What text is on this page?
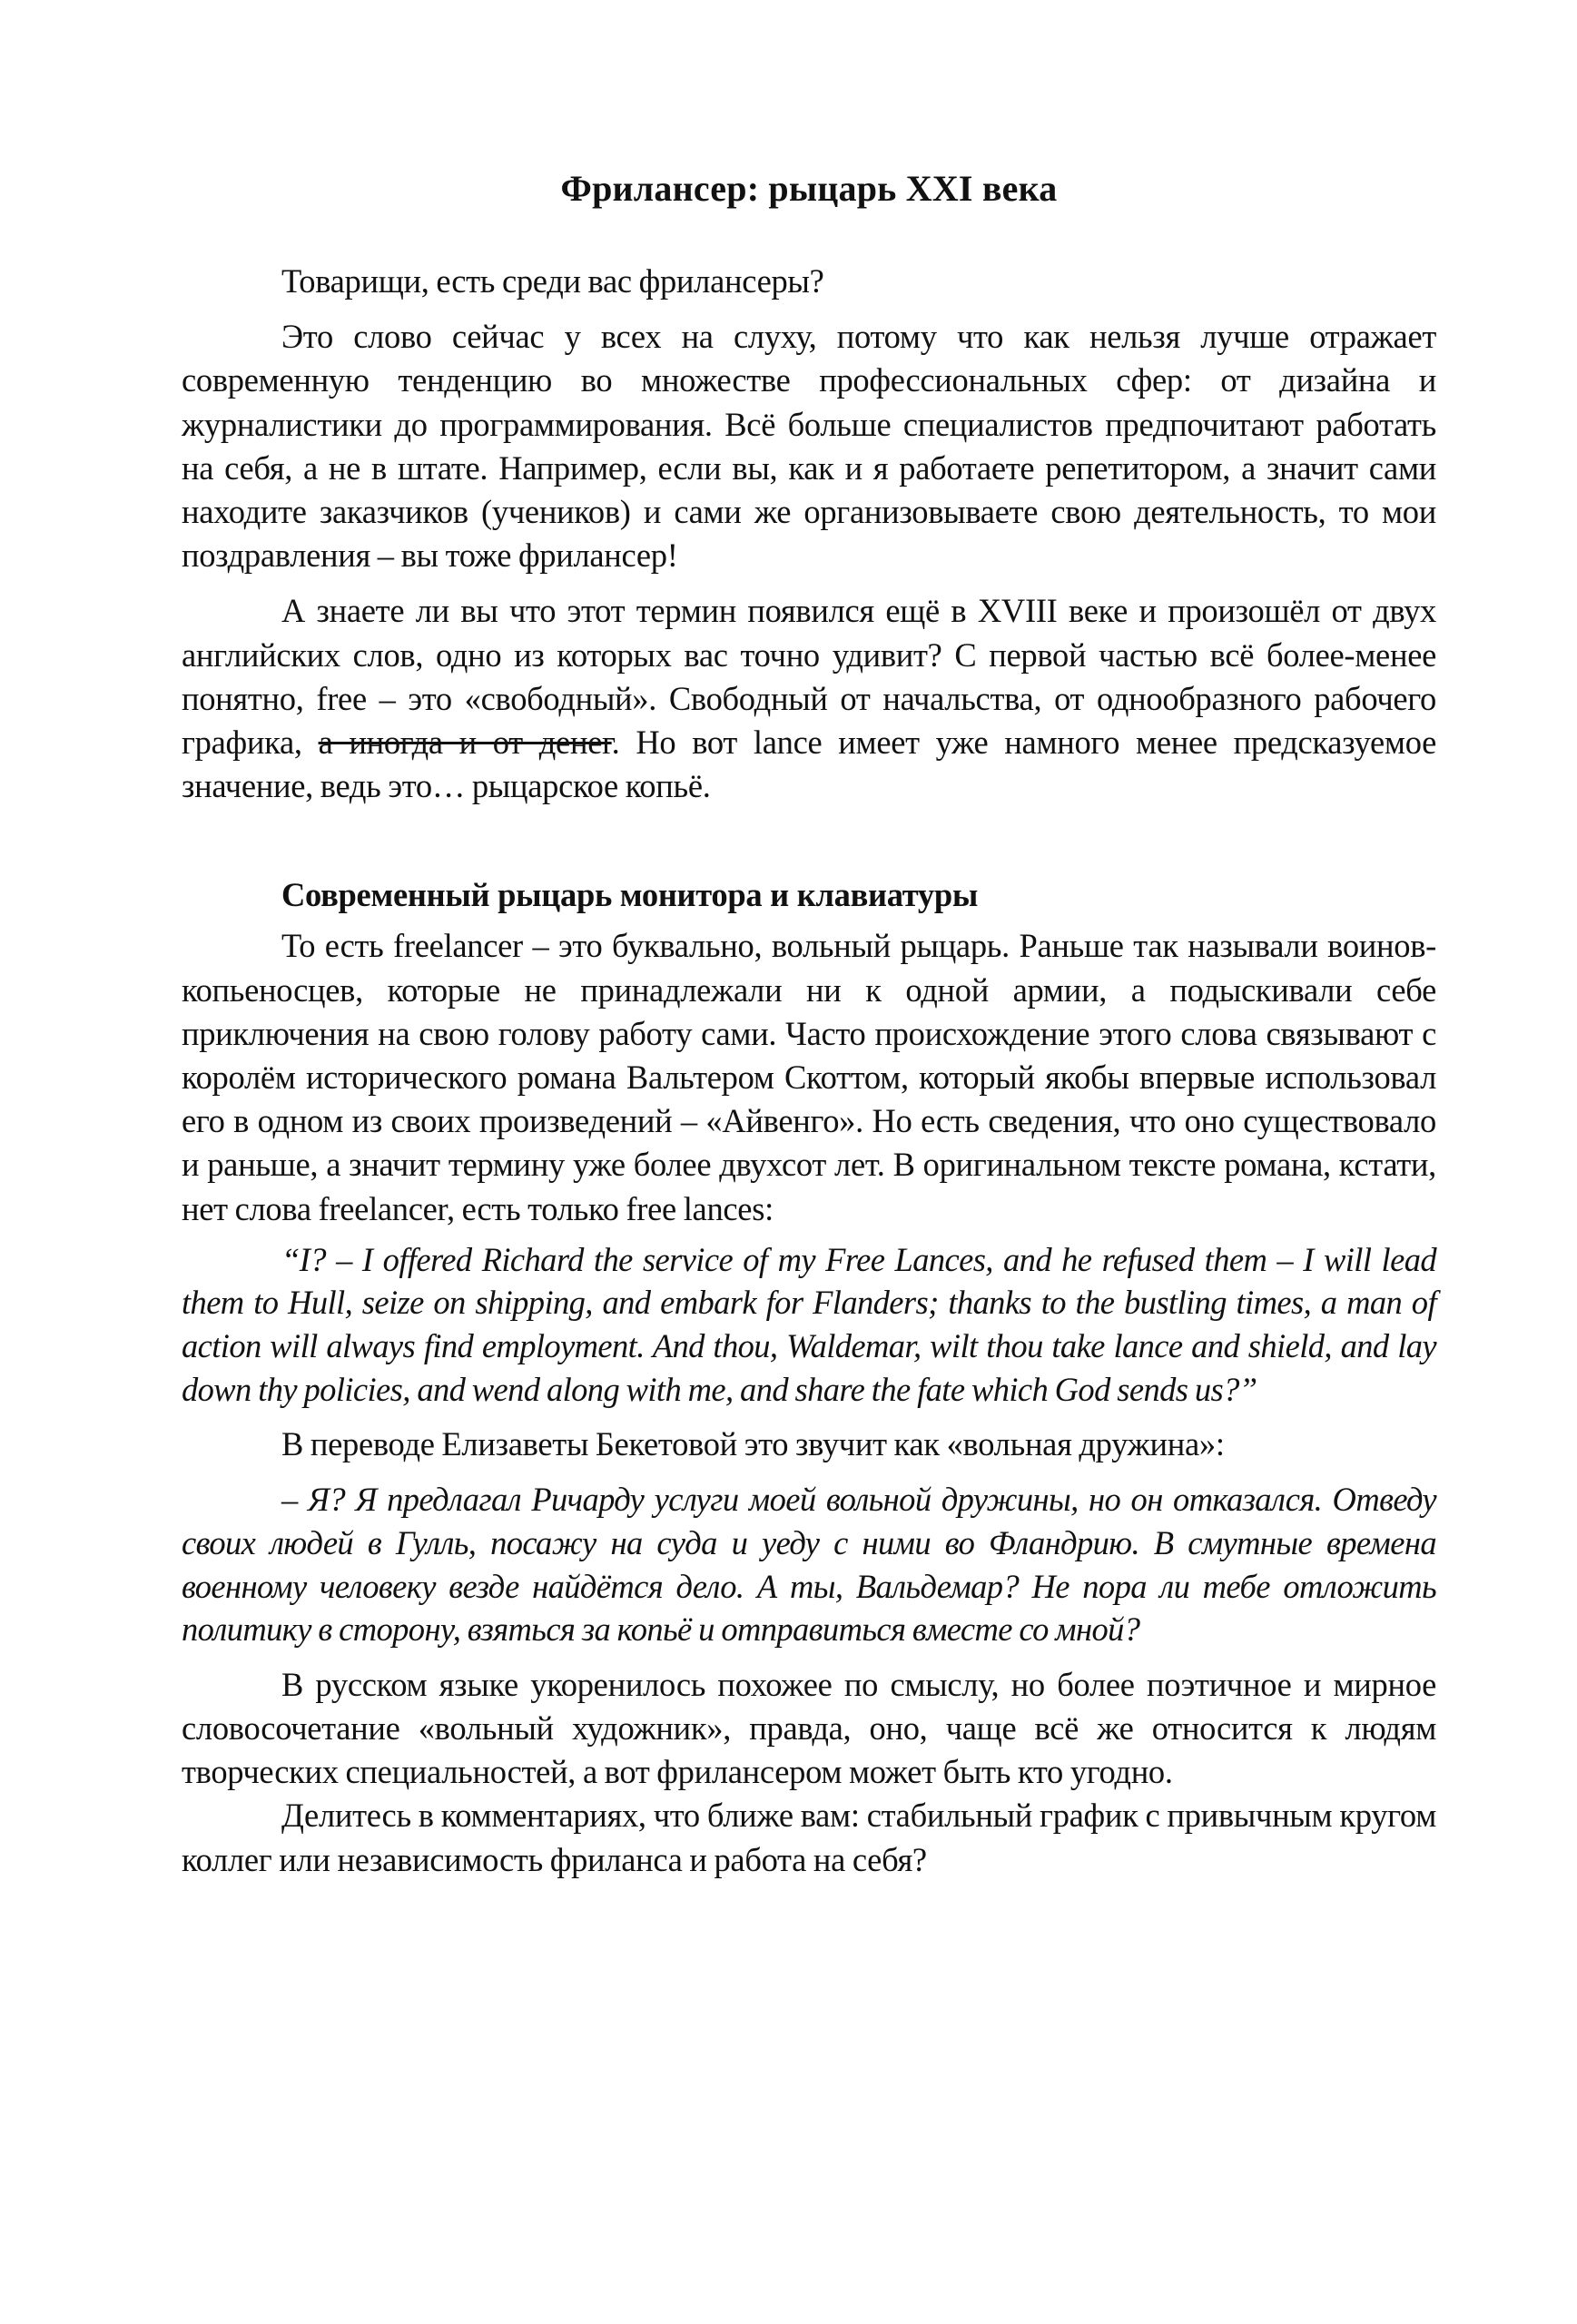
Фрилансер: рыцарь XXI века

Товарищи, есть среди вас фрилансеры?

Это слово сейчас у всех на слуху, потому что как нельзя лучше отражает современную тенденцию во множестве профессиональных сфер: от дизайна и журналистики до программирования. Всё больше специалистов предпочитают работать на себя, а не в штате. Например, если вы, как и я работаете репетитором, а значит сами находите заказчиков (учеников) и сами же организовываете свою деятельность, то мои поздравления – вы тоже фрилансер!

А знаете ли вы что этот термин появился ещё в XVIII веке и произошёл от двух английских слов, одно из которых вас точно удивит? С первой частью всё более-менее понятно, free – это «свободный». Свободный от начальства, от однообразного рабочего графика, а иногда и от денег. Но вот lance имеет уже намного менее предсказуемое значение, ведь это… рыцарское копьё.

Современный рыцарь монитора и клавиатуры

То есть freelancer – это буквально, вольный рыцарь. Раньше так называли воинов-копьеносцев, которые не принадлежали ни к одной армии, а подыскивали себе приключения на свою голову работу сами. Часто происхождение этого слова связывают с королём исторического романа Вальтером Скоттом, который якобы впервые использовал его в одном из своих произведений – «Айвенго». Но есть сведения, что оно существовало и раньше, а значит термину уже более двухсот лет. В оригинальном тексте романа, кстати, нет слова freelancer, есть только free lances:

“I? – I offered Richard the service of my Free Lances, and he refused them – I will lead them to Hull, seize on shipping, and embark for Flanders; thanks to the bustling times, a man of action will always find employment. And thou, Waldemar, wilt thou take lance and shield, and lay down thy policies, and wend along with me, and share the fate which God sends us?”

В переводе Елизаветы Бекетовой это звучит как «вольная дружина»:

– Я? Я предлагал Ричарду услуги моей вольной дружины, но он отказался. Отведу своих людей в Гулль, посажу на суда и уеду с ними во Фландрию. В смутные времена военному человеку везде найдётся дело. А ты, Вальдемар? Не пора ли тебе отложить политику в сторону, взяться за копьё и отправиться вместе со мной?

В русском языке укоренилось похожее по смыслу, но более поэтичное и мирное словосочетание «вольный художник», правда, оно, чаще всё же относится к людям творческих специальностей, а вот фрилансером может быть кто угодно.

Делитесь в комментариях, что ближе вам: стабильный график с привычным кругом коллег или независимость фриланса и работа на себя?
